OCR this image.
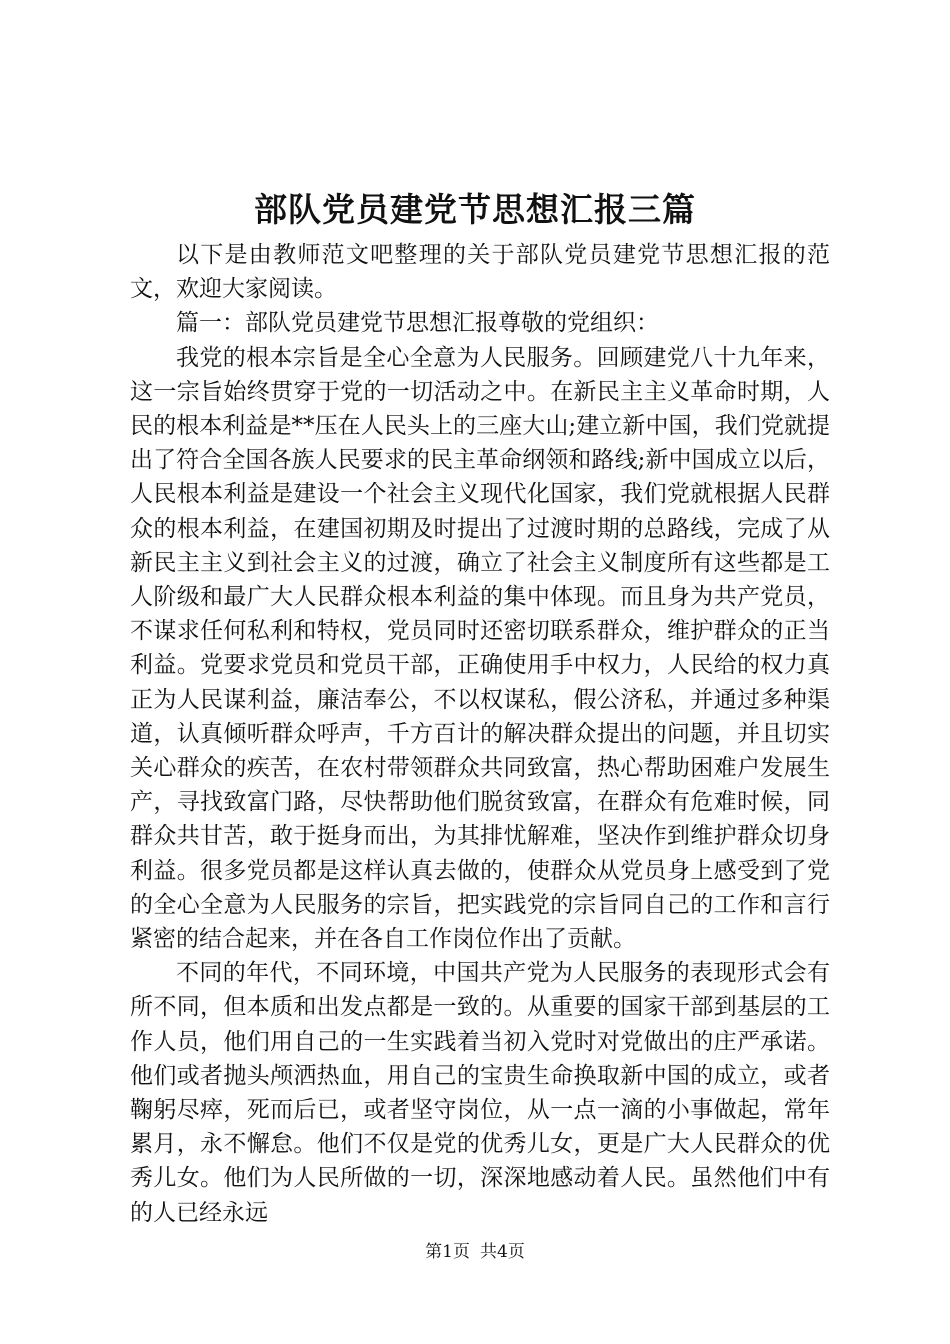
部队党员建党节思想汇报三篇

以下是由教师范文吧整理的关于部队党员建党节思想汇报的范文，欢迎大家阅读。

篇一：部队党员建党节思想汇报尊敬的党组织：

我党的根本宗旨是全心全意为人民服务。回顾建党八十九年来，这一宗旨始终贯穿于党的一切活动之中。在新民主主义革命时期，人民的根本利益是**压在人民头上的三座大山;建立新中国，我们党就提出了符合全国各族人民要求的民主革命纲领和路线;新中国成立以后，人民根本利益是建设一个社会主义现代化国家，我们党就根据人民群众的根本利益，在建国初期及时提出了过渡时期的总路线，完成了从新民主主义到社会主义的过渡，确立了社会主义制度所有这些都是工人阶级和最广大人民群众根本利益的集中体现。而且身为共产党员，不谋求任何私利和特权，党员同时还密切联系群众，维护群众的正当利益。党要求党员和党员干部，正确使用手中权力，人民给的权力真正为人民谋利益，廉洁奉公，不以权谋私，假公济私，并通过多种渠道，认真倾听群众呼声，千方百计的解决群众提出的问题，并且切实关心群众的疾苦，在农村带领群众共同致富，热心帮助困难户发展生产，寻找致富门路，尽快帮助他们脱贫致富，在群众有危难时候，同群众共甘苦，敢于挺身而出，为其排忧解难，坚决作到维护群众切身利益。很多党员都是这样认真去做的，使群众从党员身上感受到了党的全心全意为人民服务的宗旨，把实践党的宗旨同自己的工作和言行紧密的结合起来，并在各自工作岗位作出了贡献。

不同的年代，不同环境，中国共产党为人民服务的表现形式会有所不同，但本质和出发点都是一致的。从重要的国家干部到基层的工作人员，他们用自己的一生实践着当初入党时对党做出的庄严承诺。他们或者抛头颅洒热血，用自己的宝贵生命换取新中国的成立，或者鞠躬尽瘁，死而后已，或者坚守岗位，从一点一滴的小事做起，常年累月，永不懈怠。他们不仅是党的优秀儿女，更是广大人民群众的优秀儿女。他们为人民所做的一切，深深地感动着人民。虽然他们中有的人已经永远

第1页 共4页
